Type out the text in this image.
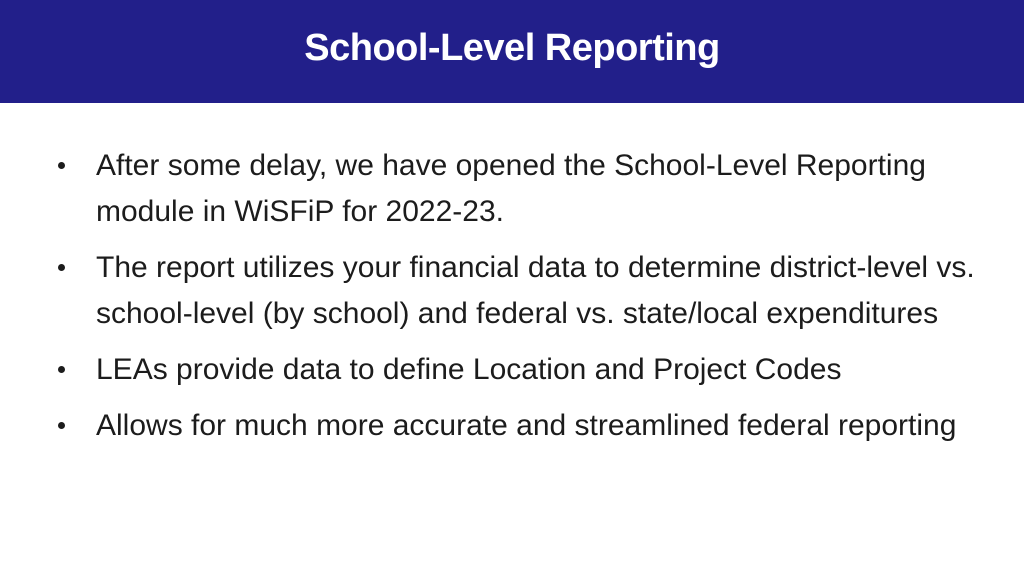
School-Level Reporting
After some delay, we have opened the School-Level Reporting module in WiSFiP for 2022-23.
The report utilizes your financial data to determine district-level vs. school-level (by school) and federal vs. state/local expenditures
LEAs provide data to define Location and Project Codes
Allows for much more accurate and streamlined federal reporting
